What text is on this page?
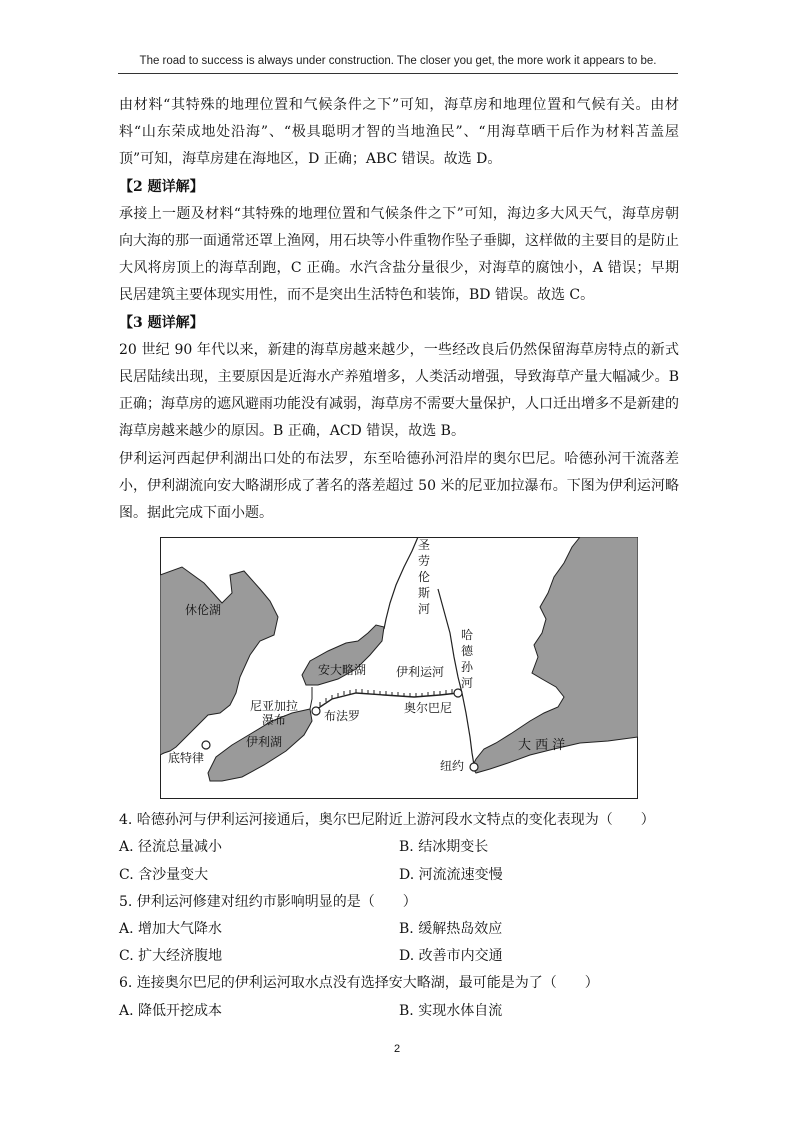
The road to success is always under construction. The closer you get, the more work it appears to be.

由材料“其特殊的地理位置和气候条件之下”可知，海草房和地理位置和气候有关。由材料“山东荣成地处沿海”、“极具聪明才智的当地渔民”、“用海草晒干后作为材料苫盖屋顶”可知，海草房建在海地区，D 正确；ABC 错误。故选 D。

【2 题详解】

承接上一题及材料“其特殊的地理位置和气候条件之下”可知，海边多大风天气，海草房朝向大海的那一面通常还罩上渔网，用石块等小件重物作坠子垂脚，这样做的主要目的是防止大风将房顶上的海草刮跑，C 正确。水汽含盐分量很少，对海草的腐蚀小，A 错误；早期民居建筑主要体现实用性，而不是突出生活特色和装饰，BD 错误。故选 C。

【3 题详解】

20 世纪 90 年代以来，新建的海草房越来越少，一些经改良后仍然保留海草房特点的新式民居陆续出现，主要原因是近海水产养殖增多，人类活动增强，导致海草产量大幅减少。B 正确；海草房的遮风避雨功能没有减弱，海草房不需要大量保护，人口迁出增多不是新建的海草房越来越少的原因。B 正确，ACD 错误，故选 B。

伊利运河西起伊利湖出口处的布法罗，东至哈德孙河沿岸的奥尔巴尼。哈德孙河干流落差小，伊利湖流向安大略湖形成了著名的落差超过 50 米的尼亚加拉瀑布。下图为伊利运河略图。据此完成下面小题。

圣劳伦斯河
休伦湖
安大略湖 伊利运河
哈德孙河
尼亚加拉瀑布	布法罗
奥尔巴尼
伊利湖
底特律
大 西 洋
纽约

4. 哈德孙河与伊利运河接通后，奥尔巴尼附近上游河段水文特点的变化表现为（　　）

A. 径流总量减小	B. 结冰期变长
C. 含沙量变大	D. 河流流速变慢

5. 伊利运河修建对纽约市影响明显的是（　　）

A. 增加大气降水	B. 缓解热岛效应
C. 扩大经济腹地	D. 改善市内交通

6. 连接奥尔巴尼的伊利运河取水点没有选择安大略湖，最可能是为了（　　）

A. 降低开挖成本	B. 实现水体自流
2
